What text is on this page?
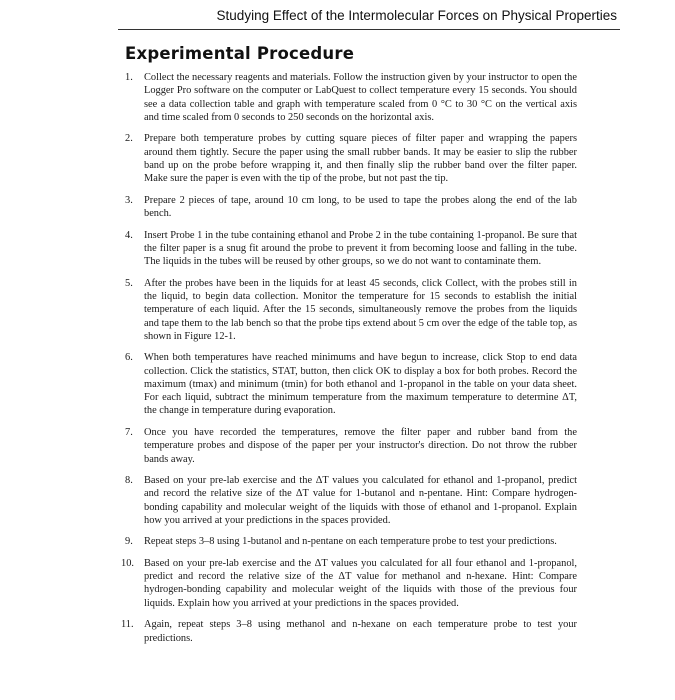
Studying Effect of the Intermolecular Forces on Physical Properties
Experimental Procedure
1.	Collect the necessary reagents and materials. Follow the instruction given by your instructor to open the Logger Pro software on the computer or LabQuest to collect temperature every 15 seconds. You should see a data collection table and graph with temperature scaled from 0 °C to 30 °C on the vertical axis and time scaled from 0 seconds to 250 seconds on the horizontal axis.
2.	Prepare both temperature probes by cutting square pieces of filter paper and wrapping the papers around them tightly. Secure the paper using the small rubber bands. It may be easier to slip the rubber band up on the probe before wrapping it, and then finally slip the rubber band over the filter paper. Make sure the paper is even with the tip of the probe, but not past the tip.
3.	Prepare 2 pieces of tape, around 10 cm long, to be used to tape the probes along the end of the lab bench.
4.	Insert Probe 1 in the tube containing ethanol and Probe 2 in the tube containing 1-propanol. Be sure that the filter paper is a snug fit around the probe to prevent it from becoming loose and falling in the tube. The liquids in the tubes will be reused by other groups, so we do not want to contaminate them.
5.	After the probes have been in the liquids for at least 45 seconds, click Collect, with the probes still in the liquid, to begin data collection. Monitor the temperature for 15 seconds to establish the initial temperature of each liquid. After the 15 seconds, simultaneously remove the probes from the liquids and tape them to the lab bench so that the probe tips extend about 5 cm over the edge of the table top, as shown in Figure 12-1.
6.	When both temperatures have reached minimums and have begun to increase, click Stop to end data collection. Click the statistics, STAT, button, then click OK to display a box for both probes. Record the maximum (tmax) and minimum (tmin) for both ethanol and 1-propanol in the table on your data sheet. For each liquid, subtract the minimum temperature from the maximum temperature to determine ΔT, the change in temperature during evaporation.
7.	Once you have recorded the temperatures, remove the filter paper and rubber band from the temperature probes and dispose of the paper per your instructor's direction. Do not throw the rubber bands away.
8.	Based on your pre-lab exercise and the ΔT values you calculated for ethanol and 1-propanol, predict and record the relative size of the ΔT value for 1-butanol and n-pentane. Hint: Compare hydrogen-bonding capability and molecular weight of the liquids with those of ethanol and 1-propanol. Explain how you arrived at your predictions in the spaces provided.
9.	Repeat steps 3–8 using 1-butanol and n-pentane on each temperature probe to test your predictions.
10. Based on your pre-lab exercise and the ΔT values you calculated for all four ethanol and 1-propanol, predict and record the relative size of the ΔT value for methanol and n-hexane. Hint: Compare hydrogen-bonding capability and molecular weight of the liquids with those of the previous four liquids. Explain how you arrived at your predictions in the spaces provided.
11. Again, repeat steps 3–8 using methanol and n-hexane on each temperature probe to test your predictions.
